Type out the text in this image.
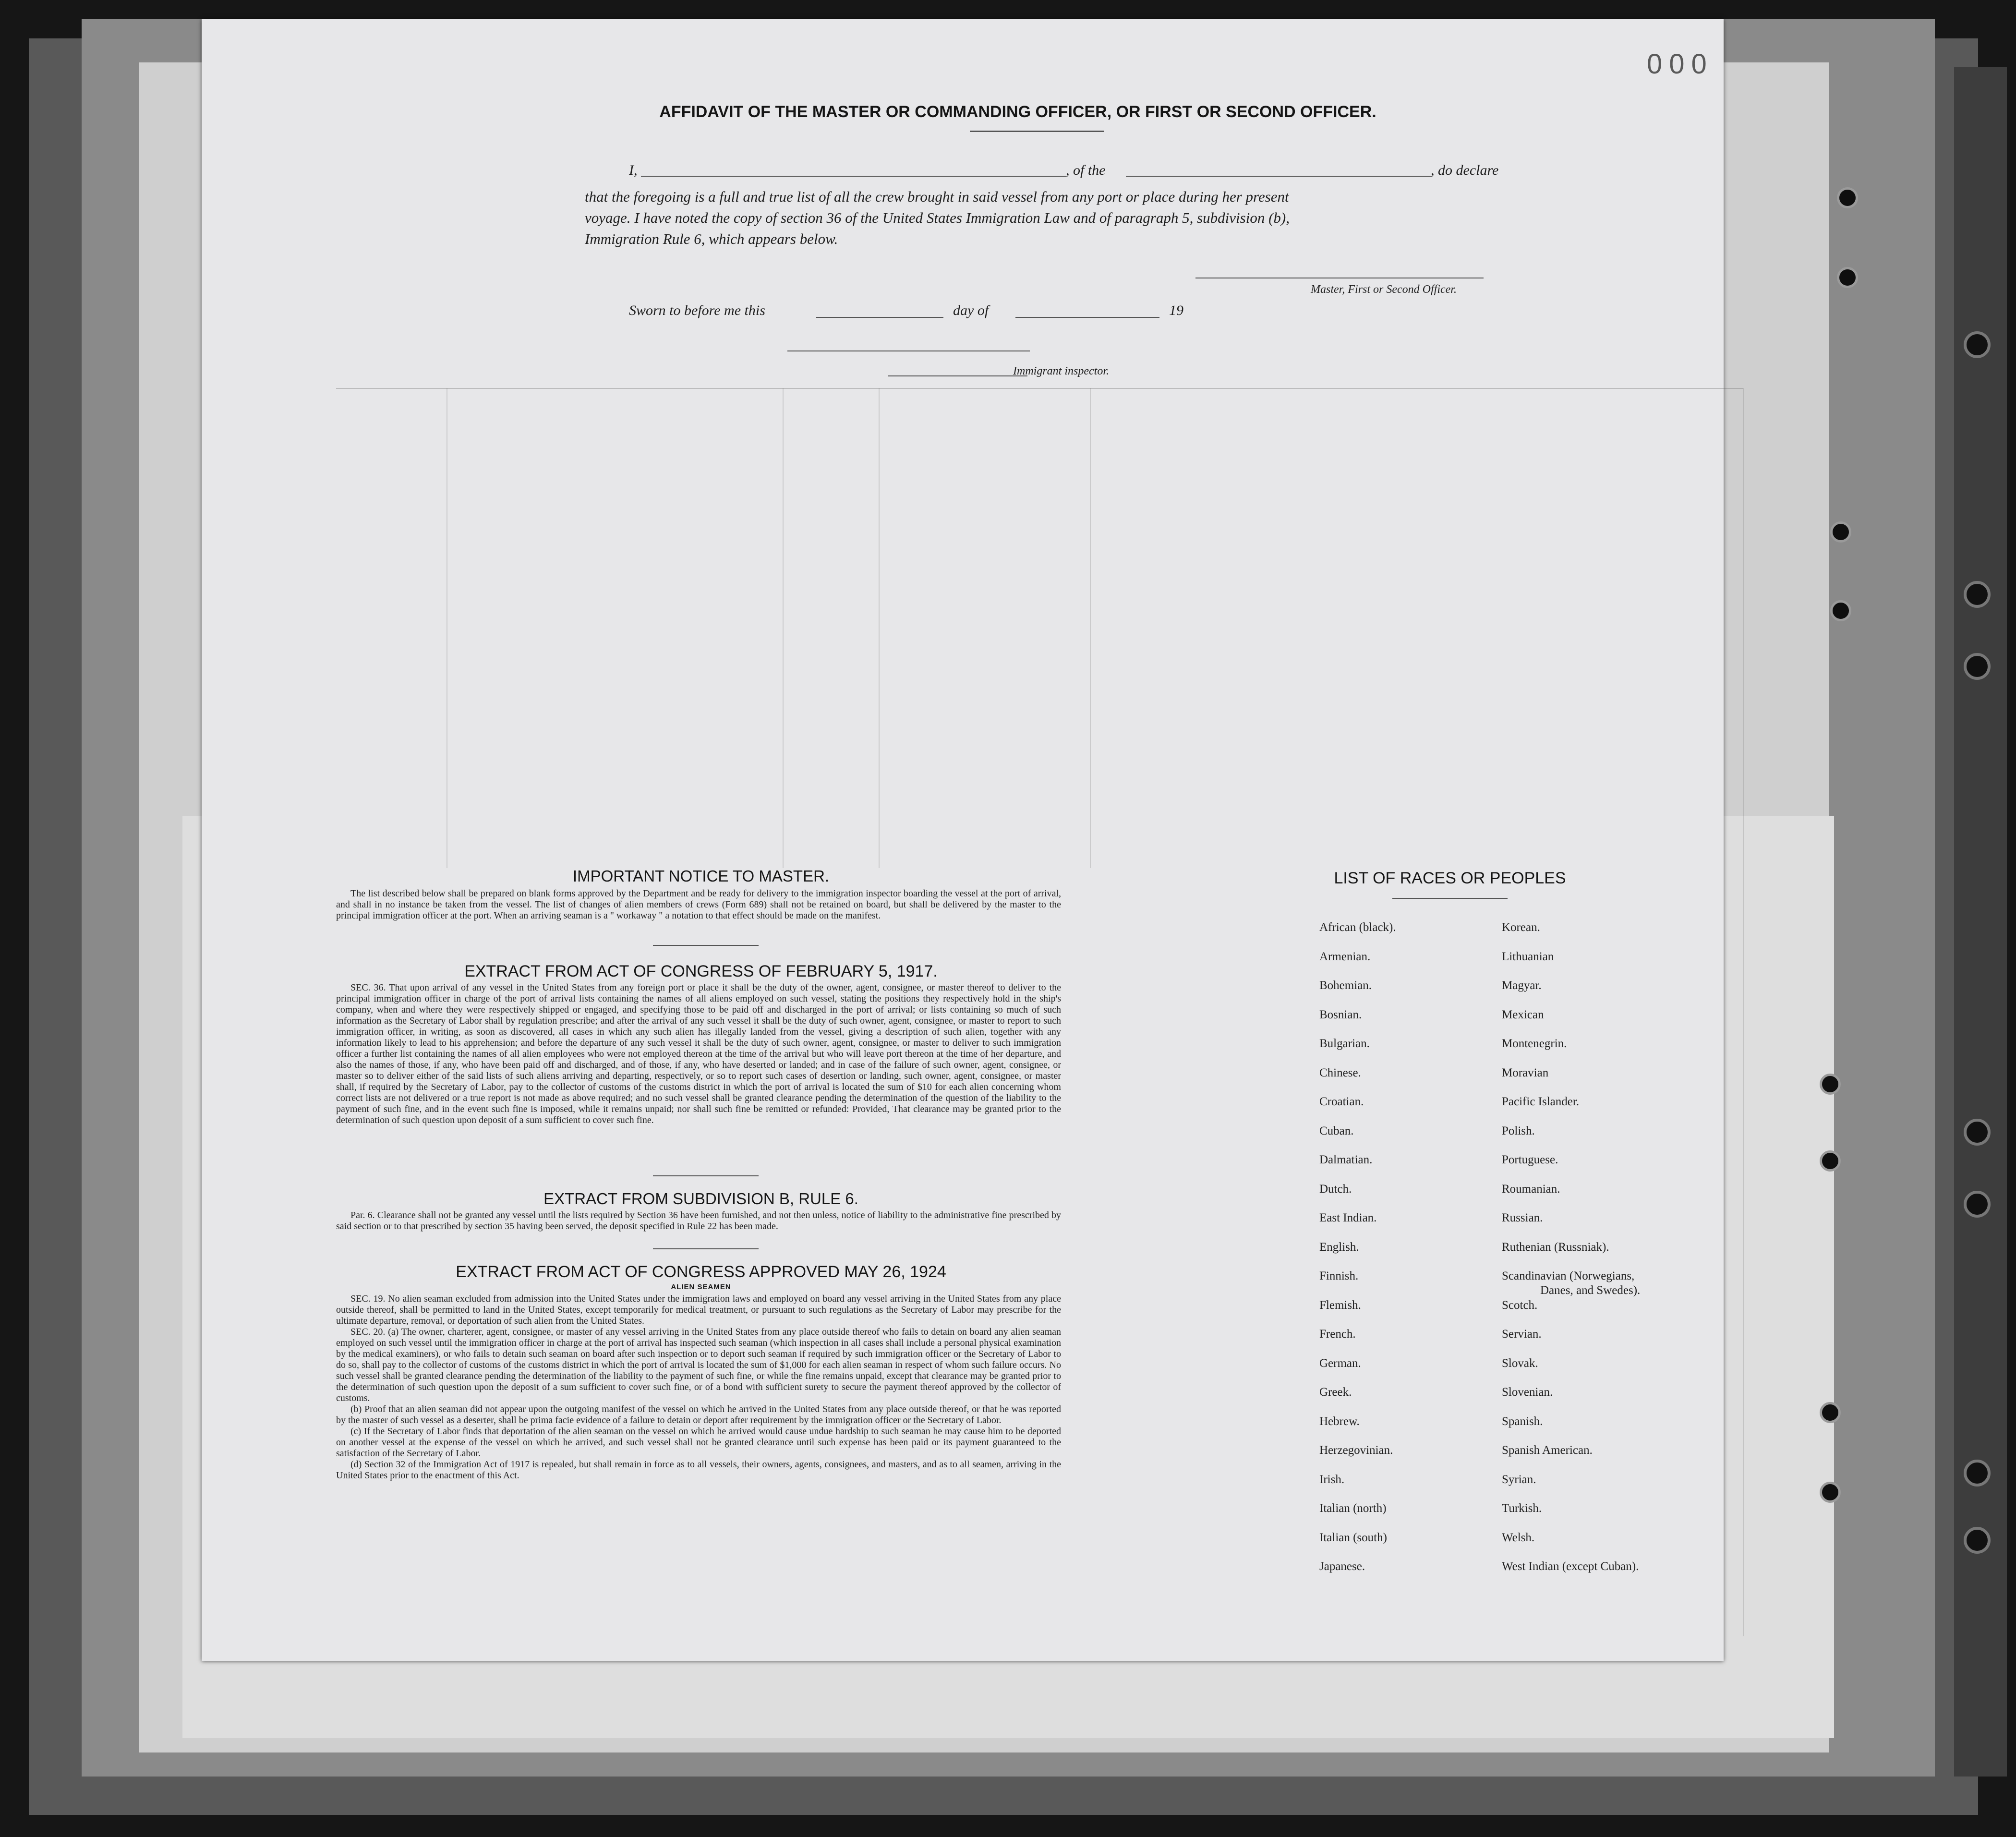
000
AFFIDAVIT OF THE MASTER OR COMMANDING OFFICER, OR FIRST OR SECOND OFFICER.
I,	, of the	, do declare
that the foregoing is a full and true list of all the crew brought in said vessel from any port or place during her present
voyage. I have noted the copy of section 36 of the United States Immigration Law and of paragraph 5, subdivision (b),
Immigration Rule 6, which appears below.
Master, First or Second Officer.
Sworn to before me this	day of	19
Immigrant inspector.
IMPORTANT NOTICE TO MASTER.

The list described below shall be prepared on blank forms approved by the Department and be ready for delivery to the immigration inspector boarding the vessel at the port of arrival, and shall in no instance be taken from the vessel. The list of changes of alien members of crews (Form 689) shall not be retained on board, but shall be delivered by the master to the principal immigration officer at the port. When an arriving seaman is a " workaway " a notation to that effect should be made on the manifest.

EXTRACT FROM ACT OF CONGRESS OF FEBRUARY 5, 1917.

SEC. 36. That upon arrival of any vessel in the United States from any foreign port or place it shall be the duty of the owner, agent, consignee, or master thereof to deliver to the principal immigration officer in charge of the port of arrival lists containing the names of all aliens employed on such vessel, stating the positions they respectively hold in the ship's company, when and where they were respectively shipped or engaged, and specifying those to be paid off and discharged in the port of arrival; or lists containing so much of such information as the Secretary of Labor shall by regulation prescribe; and after the arrival of any such vessel it shall be the duty of such owner, agent, consignee, or master to report to such immigration officer, in writing, as soon as discovered, all cases in which any such alien has illegally landed from the vessel, giving a description of such alien, together with any information likely to lead to his apprehension; and before the departure of any such vessel it shall be the duty of such owner, agent, consignee, or master to deliver to such immigration officer a further list containing the names of all alien employees who were not employed thereon at the time of the arrival but who will leave port thereon at the time of her departure, and also the names of those, if any, who have been paid off and discharged, and of those, if any, who have deserted or landed; and in case of the failure of such owner, agent, consignee, or master so to deliver either of the said lists of such aliens arriving and departing, respectively, or so to report such cases of desertion or landing, such owner, agent, consignee, or master shall, if required by the Secretary of Labor, pay to the collector of customs of the customs district in which the port of arrival is located the sum of $10 for each alien concerning whom correct lists are not delivered or a true report is not made as above required; and no such vessel shall be granted clearance pending the determination of the question of the liability to the payment of such fine, and in the event such fine is imposed, while it remains unpaid; nor shall such fine be remitted or refunded: Provided, That clearance may be granted prior to the determination of such question upon deposit of a sum sufficient to cover such fine.

EXTRACT FROM SUBDIVISION B, RULE 6.

Par. 6. Clearance shall not be granted any vessel until the lists required by Section 36 have been furnished, and not then unless, notice of liability to the administrative fine prescribed by said section or to that prescribed by section 35 having been served, the deposit specified in Rule 22 has been made.

EXTRACT FROM ACT OF CONGRESS APPROVED MAY 26, 1924
ALIEN SEAMEN

SEC. 19. No alien seaman excluded from admission into the United States under the immigration laws and employed on board any vessel arriving in the United States from any place outside thereof, shall be permitted to land in the United States, except temporarily for medical treatment, or pursuant to such regulations as the Secretary of Labor may prescribe for the ultimate departure, removal, or deportation of such alien from the United States.

SEC. 20. (a) The owner, charterer, agent, consignee, or master of any vessel arriving in the United States from any place outside thereof who fails to detain on board any alien seaman employed on such vessel until the immigration officer in charge at the port of arrival has inspected such seaman (which inspection in all cases shall include a personal physical examination by the medical examiners), or who fails to detain such seaman on board after such inspection or to deport such seaman if required by such immigration officer or the Secretary of Labor to do so, shall pay to the collector of customs of the customs district in which the port of arrival is located the sum of $1,000 for each alien seaman in respect of whom such failure occurs. No such vessel shall be granted clearance pending the determination of the liability to the payment of such fine, or while the fine remains unpaid, except that clearance may be granted prior to the determination of such question upon the deposit of a sum sufficient to cover such fine, or of a bond with sufficient surety to secure the payment thereof approved by the collector of customs.

(b) Proof that an alien seaman did not appear upon the outgoing manifest of the vessel on which he arrived in the United States from any place outside thereof, or that he was reported by the master of such vessel as a deserter, shall be prima facie evidence of a failure to detain or deport after requirement by the immigration officer or the Secretary of Labor.

(c) If the Secretary of Labor finds that deportation of the alien seaman on the vessel on which he arrived would cause undue hardship to such seaman he may cause him to be deported on another vessel at the expense of the vessel on which he arrived, and such vessel shall not be granted clearance until such expense has been paid or its payment guaranteed to the satisfaction of the Secretary of Labor.

(d) Section 32 of the Immigration Act of 1917 is repealed, but shall remain in force as to all vessels, their owners, agents, consignees, and masters, and as to all seamen, arriving in the United States prior to the enactment of this Act.

LIST OF RACES OR PEOPLES
African (black).
Armenian.
Bohemian.
Bosnian.
Bulgarian.
Chinese.
Croatian.
Cuban.
Dalmatian.
Dutch.
East Indian.
English.
Finnish.
Flemish.
French.
German.
Greek.
Hebrew.
Herzegovinian.
Irish.
Italian (north)
Italian (south)
Japanese.
Korean.
Lithuanian
Magyar.
Mexican
Montenegrin.
Moravian
Pacific Islander.
Polish.
Portuguese.
Roumanian.
Russian.
Ruthenian (Russniak).
Scandinavian (Norwegians,
Danes, and Swedes).
Scotch.
Servian.
Slovak.
Slovenian.
Spanish.
Spanish American.
Syrian.
Turkish.
Welsh.
West Indian (except Cuban).
